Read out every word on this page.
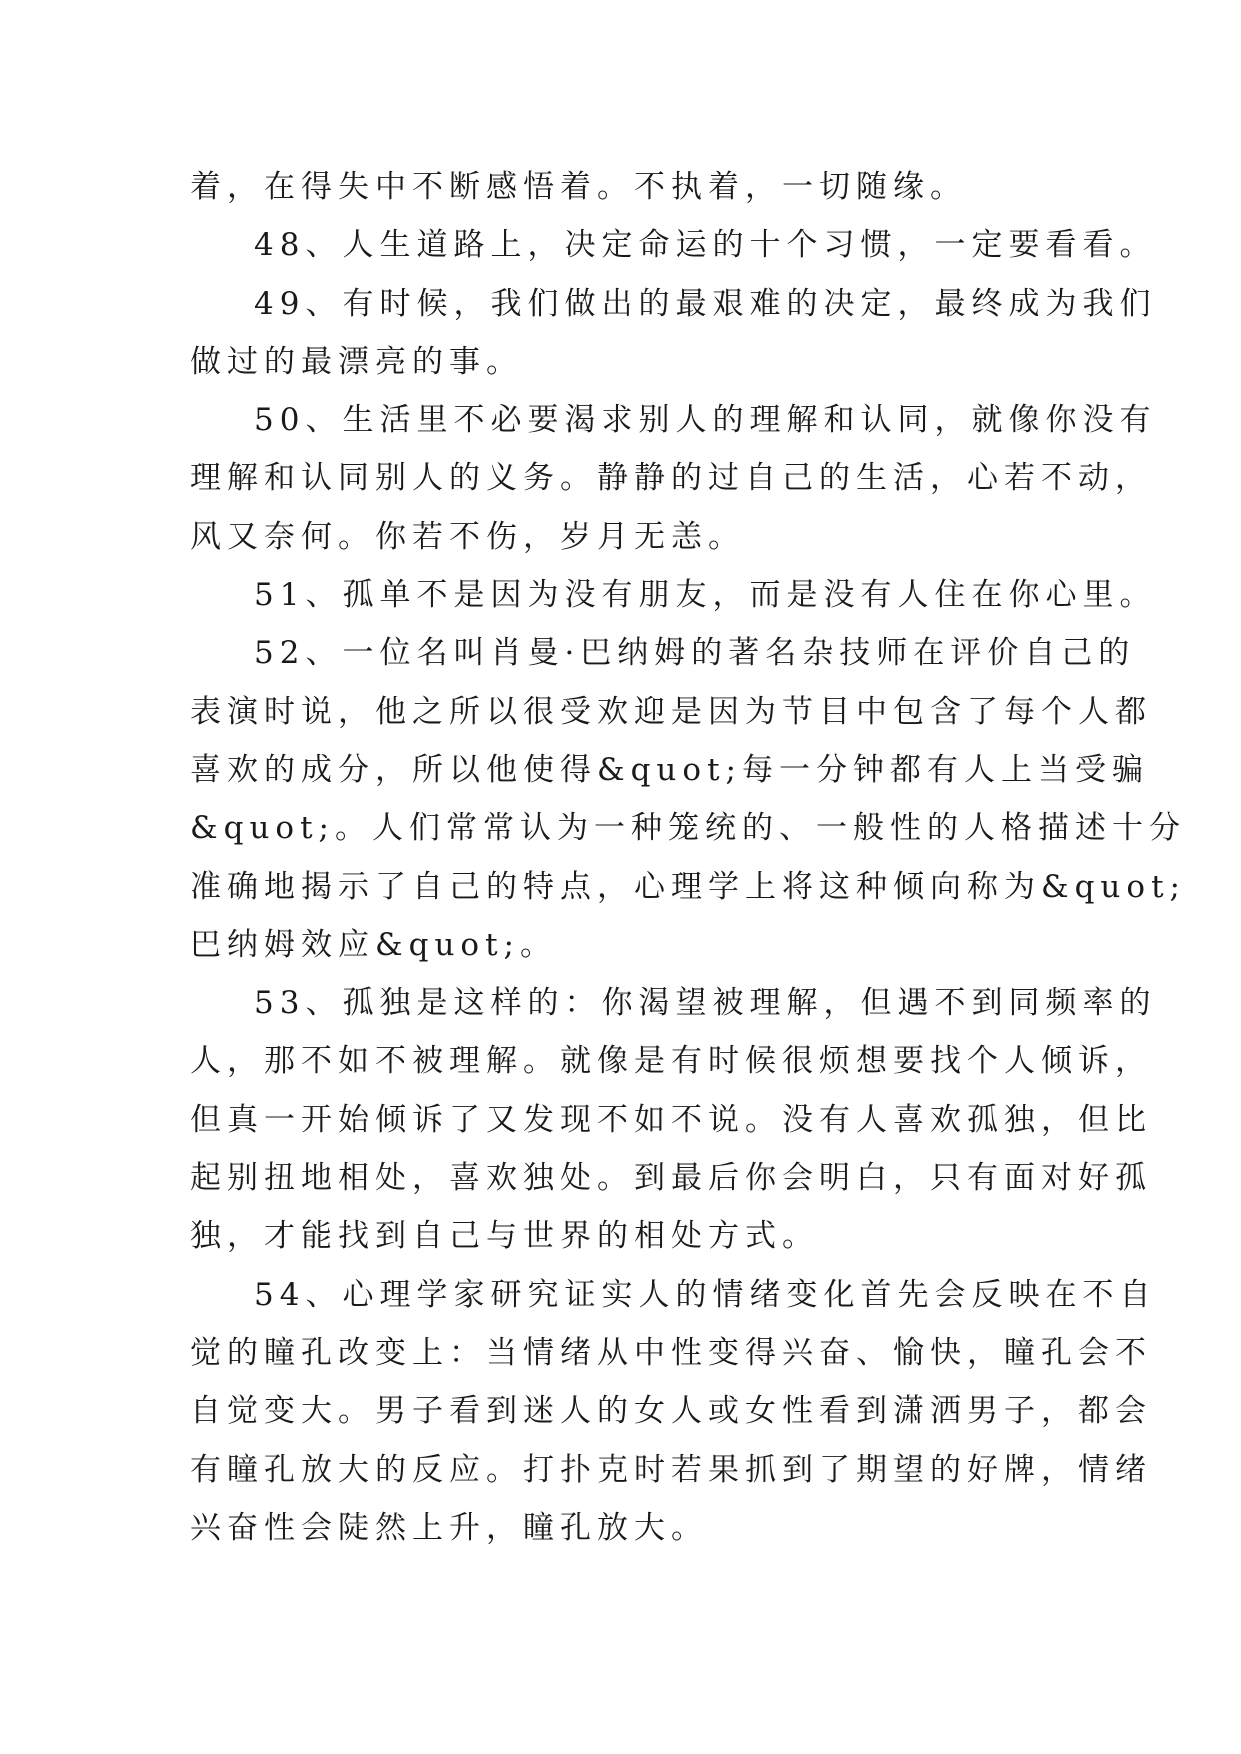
着，在得失中不断感悟着。不执着，一切随缘。
48、人生道路上，决定命运的十个习惯，一定要看看。
49、有时候，我们做出的最艰难的决定，最终成为我们
做过的最漂亮的事。
50、生活里不必要渴求别人的理解和认同，就像你没有
理解和认同别人的义务。静静的过自己的生活，心若不动，
风又奈何。你若不伤，岁月无恙。
51、孤单不是因为没有朋友，而是没有人住在你心里。
52、一位名叫肖曼·巴纳姆的著名杂技师在评价自己的
表演时说，他之所以很受欢迎是因为节目中包含了每个人都
喜欢的成分，所以他使得&quot;每一分钟都有人上当受骗
&quot;。人们常常认为一种笼统的、一般性的人格描述十分
准确地揭示了自己的特点，心理学上将这种倾向称为&quot;
巴纳姆效应&quot;。
53、孤独是这样的：你渴望被理解，但遇不到同频率的
人，那不如不被理解。就像是有时候很烦想要找个人倾诉，
但真一开始倾诉了又发现不如不说。没有人喜欢孤独，但比
起别扭地相处，喜欢独处。到最后你会明白，只有面对好孤
独，才能找到自己与世界的相处方式。
54、心理学家研究证实人的情绪变化首先会反映在不自
觉的瞳孔改变上：当情绪从中性变得兴奋、愉快，瞳孔会不
自觉变大。男子看到迷人的女人或女性看到潇洒男子，都会
有瞳孔放大的反应。打扑克时若果抓到了期望的好牌，情绪
兴奋性会陡然上升，瞳孔放大。
